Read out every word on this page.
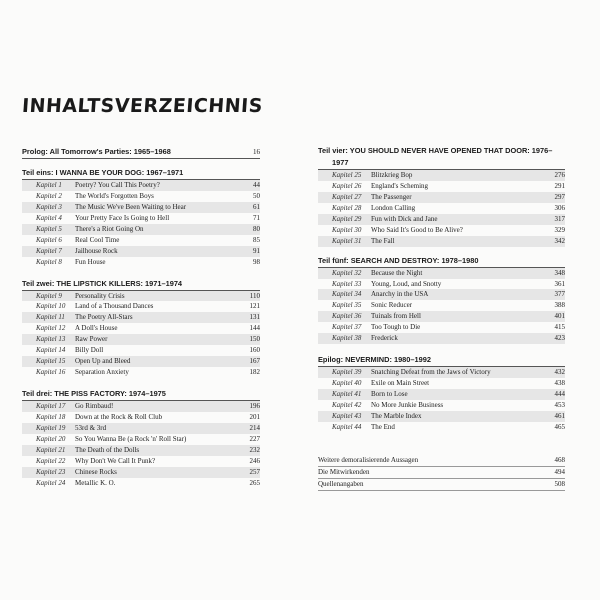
INHALTSVERZEICHNIS
Prolog: All Tomorrow's Parties: 1965–1968	16
Teil eins: I WANNA BE YOUR DOG: 1967–1971
Kapitel 1	Poetry? You Call This Poetry?	44
Kapitel 2	The World's Forgotten Boys	50
Kapitel 3	The Music We've Been Waiting to Hear	61
Kapitel 4	Your Pretty Face Is Going to Hell	71
Kapitel 5	There's a Riot Going On	80
Kapitel 6	Real Cool Time	85
Kapitel 7	Jailhouse Rock	91
Kapitel 8	Fun House	98
Teil zwei: THE LIPSTICK KILLERS: 1971–1974
Kapitel 9	Personality Crisis	110
Kapitel 10	Land of a Thousand Dances	121
Kapitel 11	The Poetry All-Stars	131
Kapitel 12	A Doll's House	144
Kapitel 13	Raw Power	150
Kapitel 14	Billy Doll	160
Kapitel 15	Open Up and Bleed	167
Kapitel 16	Separation Anxiety	182
Teil drei: THE PISS FACTORY: 1974–1975
Kapitel 17	Go Rimbaud!	196
Kapitel 18	Down at the Rock & Roll Club	201
Kapitel 19	53rd & 3rd	214
Kapitel 20	So You Wanna Be (a Rock 'n' Roll Star)	227
Kapitel 21	The Death of the Dolls	232
Kapitel 22	Why Don't We Call It Punk?	246
Kapitel 23	Chinese Rocks	257
Kapitel 24	Metallic K. O.	265
Teil vier: YOU SHOULD NEVER HAVE OPENED THAT DOOR: 1976–1977
Kapitel 25	Blitzkrieg Bop	276
Kapitel 26	England's Scheming	291
Kapitel 27	The Passenger	297
Kapitel 28	London Calling	306
Kapitel 29	Fun with Dick and Jane	317
Kapitel 30	Who Said It's Good to Be Alive?	329
Kapitel 31	The Fall	342
Teil fünf: SEARCH AND DESTROY: 1978–1980
Kapitel 32	Because the Night	348
Kapitel 33	Young, Loud, and Snotty	361
Kapitel 34	Anarchy in the USA	377
Kapitel 35	Sonic Reducer	388
Kapitel 36	Tuinals from Hell	401
Kapitel 37	Too Tough to Die	415
Kapitel 38	Frederick	423
Epilog: NEVERMIND: 1980–1992
Kapitel 39	Snatching Defeat from the Jaws of Victory	432
Kapitel 40	Exile on Main Street	438
Kapitel 41	Born to Lose	444
Kapitel 42	No More Junkie Business	453
Kapitel 43	The Marble Index	461
Kapitel 44	The End	465
Weitere demoralisierende Aussagen	468
Die Mitwirkenden	494
Quellenangaben	508
